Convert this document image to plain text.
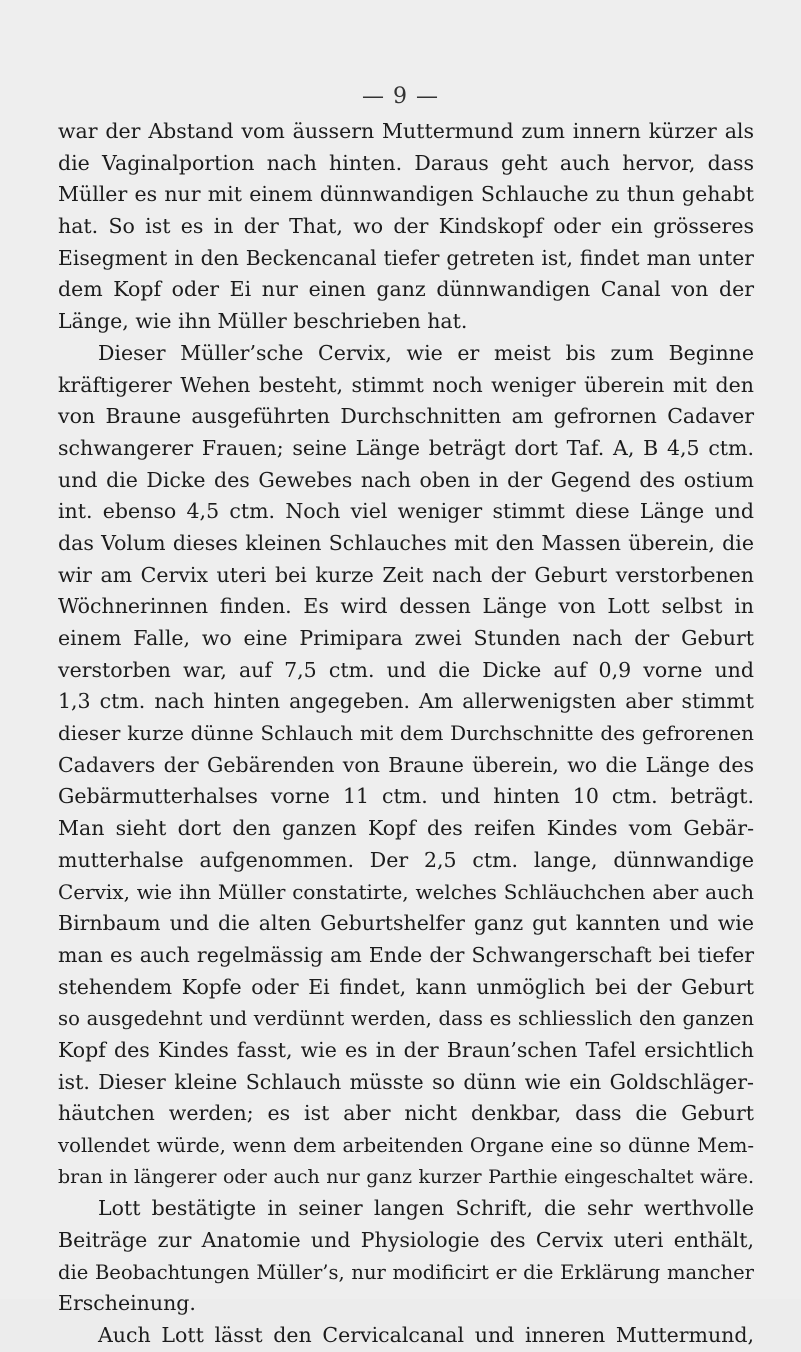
— 9 —
war der Abstand vom äussern Muttermund zum innern kürzer als
die Vaginalportion nach hinten. Daraus geht auch hervor, dass
Müller es nur mit einem dünnwandigen Schlauche zu thun gehabt
hat. So ist es in der That, wo der Kindskopf oder ein grösseres
Eisegment in den Beckencanal tiefer getreten ist, findet man unter
dem Kopf oder Ei nur einen ganz dünnwandigen Canal von der
Länge, wie ihn Müller beschrieben hat.
Dieser Müller’sche Cervix, wie er meist bis zum Beginne
kräftigerer Wehen besteht, stimmt noch weniger überein mit den
von Braune ausgeführten Durchschnitten am gefrornen Cadaver
schwangerer Frauen; seine Länge beträgt dort Taf. A, B 4,5 ctm.
und die Dicke des Gewebes nach oben in der Gegend des ostium
int. ebenso 4,5 ctm. Noch viel weniger stimmt diese Länge und
das Volum dieses kleinen Schlauches mit den Massen überein, die
wir am Cervix uteri bei kurze Zeit nach der Geburt verstorbenen
Wöchnerinnen finden. Es wird dessen Länge von Lott selbst in
einem Falle, wo eine Primipara zwei Stunden nach der Geburt
verstorben war, auf 7,5 ctm. und die Dicke auf 0,9 vorne und
1,3 ctm. nach hinten angegeben. Am allerwenigsten aber stimmt
dieser kurze dünne Schlauch mit dem Durchschnitte des gefrorenen
Cadavers der Gebärenden von Braune überein, wo die Länge des
Gebärmutterhalses vorne 11 ctm. und hinten 10 ctm. beträgt.
Man sieht dort den ganzen Kopf des reifen Kindes vom Gebär-
mutterhalse aufgenommen. Der 2,5 ctm. lange, dünnwandige
Cervix, wie ihn Müller constatirte, welches Schläuchchen aber auch
Birnbaum und die alten Geburtshelfer ganz gut kannten und wie
man es auch regelmässig am Ende der Schwangerschaft bei tiefer
stehendem Kopfe oder Ei findet, kann unmöglich bei der Geburt
so ausgedehnt und verdünnt werden, dass es schliesslich den ganzen
Kopf des Kindes fasst, wie es in der Braun’schen Tafel ersichtlich
ist. Dieser kleine Schlauch müsste so dünn wie ein Goldschläger-
häutchen werden; es ist aber nicht denkbar, dass die Geburt
vollendet würde, wenn dem arbeitenden Organe eine so dünne Mem-
bran in längerer oder auch nur ganz kurzer Parthie eingeschaltet wäre.
Lott bestätigte in seiner langen Schrift, die sehr werthvolle
Beiträge zur Anatomie und Physiologie des Cervix uteri enthält,
die Beobachtungen Müller’s, nur modificirt er die Erklärung mancher
Erscheinung.
Auch Lott lässt den Cervicalcanal und inneren Muttermund,
